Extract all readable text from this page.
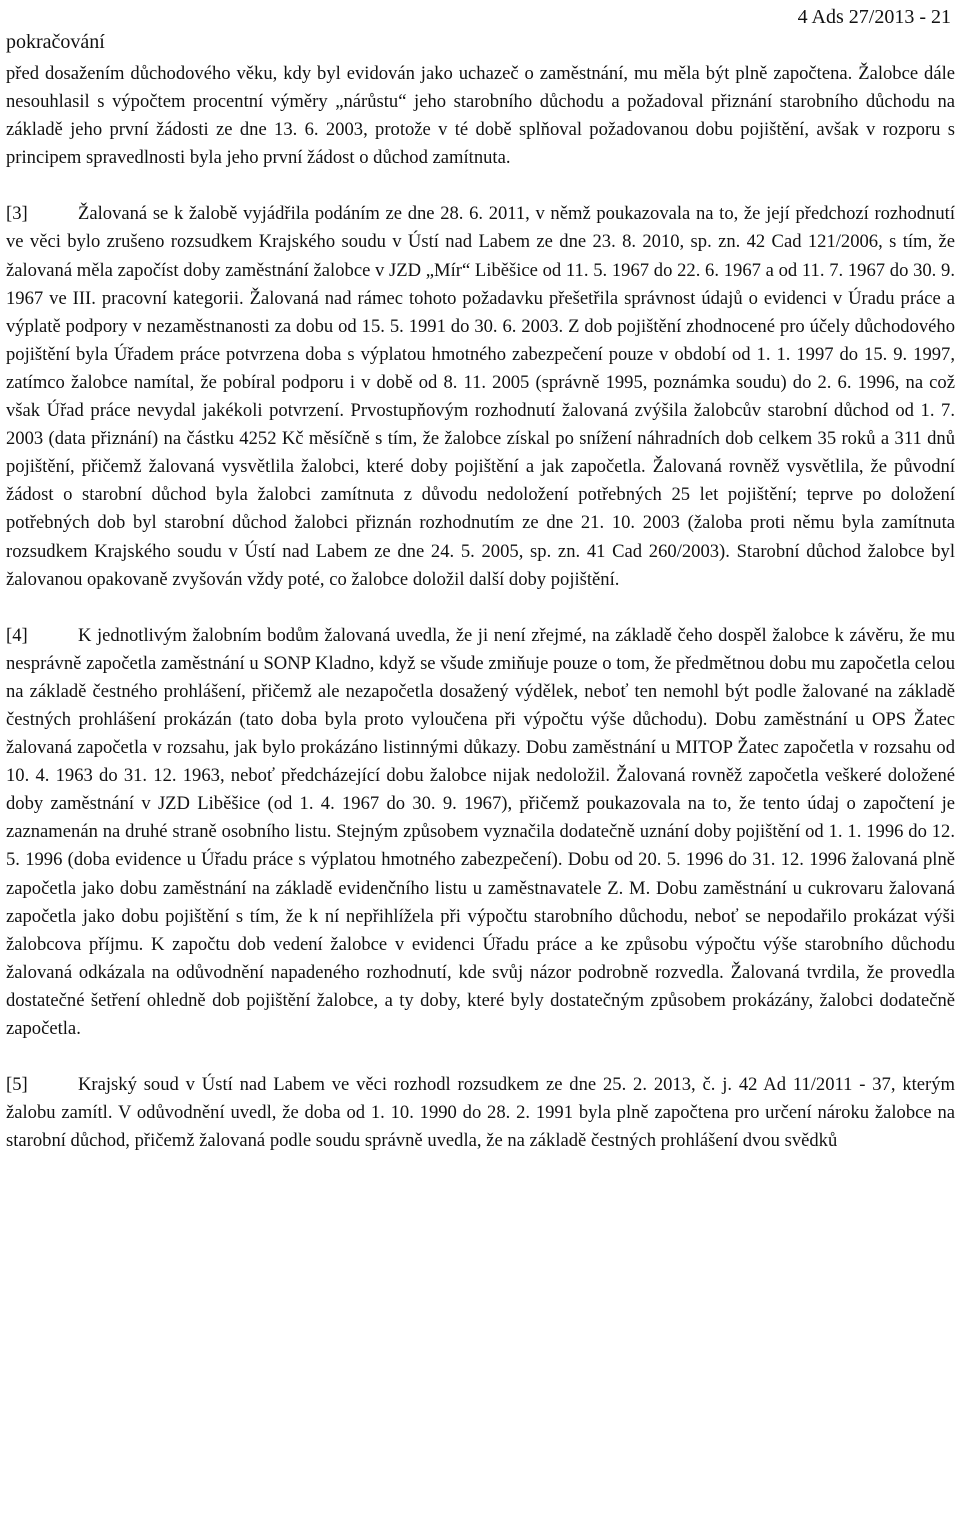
pokračování
4 Ads 27/2013 - 21

před dosažením důchodového věku, kdy byl evidován jako uchazeč o zaměstnání, mu měla být plně započtena. Žalobce dále nesouhlasil s výpočtem procentní výměry „nárůstu“ jeho starobního důchodu a požadoval přiznání starobního důchodu na základě jeho první žádosti ze dne 13. 6. 2003, protože v té době splňoval požadovanou dobu pojištění, avšak v rozporu s principem spravedlnosti byla jeho první žádost o důchod zamítnuta.

[3]	Žalovaná se k žalobě vyjádřila podáním ze dne 28. 6. 2011, v němž poukazovala na to, že její předchozí rozhodnutí ve věci bylo zrušeno rozsudkem Krajského soudu v Ústí nad Labem ze dne 23. 8. 2010, sp. zn. 42 Cad 121/2006, s tím, že žalovaná měla započíst doby zaměstnání žalobce v JZD „Mír“ Liběšice od 11. 5. 1967 do 22. 6. 1967 a od 11. 7. 1967 do 30. 9. 1967 ve III. pracovní kategorii. Žalovaná nad rámec tohoto požadavku přešetřila správnost údajů o evidenci v Úradu práce a výplatě podpory v nezaměstnanosti za dobu od 15. 5. 1991 do 30. 6. 2003. Z dob pojištění zhodnocené pro účely důchodového pojištění byla Úřadem práce potvrzena doba s výplatou hmotného zabezpečení pouze v období od 1. 1. 1997 do 15. 9. 1997, zatímco žalobce namítal, že pobíral podporu i v době od 8. 11. 2005 (správně 1995, poznámka soudu) do 2. 6. 1996, na což však Úřad práce nevydal jakékoli potvrzení. Prvostupňovým rozhodnutí žalovaná zvýšila žalobcův starobní důchod od 1. 7. 2003 (data přiznání) na částku 4252 Kč měsíčně s tím, že žalobce získal po snížení náhradních dob celkem 35 roků a 311 dnů pojištění, přičemž žalovaná vysvětlila žalobci, které doby pojištění a jak započetla. Žalovaná rovněž vysvětlila, že původní žádost o starobní důchod byla žalobci zamítnuta z důvodu nedoložení potřebných 25 let pojištění; teprve po doložení potřebných dob byl starobní důchod žalobci přiznán rozhodnutím ze dne 21. 10. 2003 (žaloba proti němu byla zamítnuta rozsudkem Krajského soudu v Ústí nad Labem ze dne 24. 5. 2005, sp. zn. 41 Cad 260/2003). Starobní důchod žalobce byl žalovanou opakovaně zvyšován vždy poté, co žalobce doložil další doby pojištění.

[4]	K jednotlivým žalobním bodům žalovaná uvedla, že ji není zřejmé, na základě čeho dospěl žalobce k závěru, že mu nesprávně započetla zaměstnání u SONP Kladno, když se všude zmiňuje pouze o tom, že předmětnou dobu mu započetla celou na základě čestného prohlášení, přičemž ale nezapočetla dosažený výdělek, neboť ten nemohl být podle žalované na základě čestných prohlášení prokázán (tato doba byla proto vyloučena při výpočtu výše důchodu). Dobu zaměstnání u OPS Žatec žalovaná započetla v rozsahu, jak bylo prokázáno listinnými důkazy. Dobu zaměstnání u MITOP Žatec započetla v rozsahu od 10. 4. 1963 do 31. 12. 1963, neboť předcházející dobu žalobce nijak nedoložil. Žalovaná rovněž započetla veškeré doložené doby zaměstnání v JZD Liběšice (od 1. 4. 1967 do 30. 9. 1967), přičemž poukazovala na to, že tento údaj o započtení je zaznamenán na druhé straně osobního listu. Stejným způsobem vyznačila dodatečně uznání doby pojištění od 1. 1. 1996 do 12. 5. 1996 (doba evidence u Úřadu práce s výplatou hmotného zabezpečení). Dobu od 20. 5. 1996 do 31. 12. 1996 žalovaná plně započetla jako dobu zaměstnání na základě evidenčního listu u zaměstnavatele Z. M. Dobu zaměstnání u cukrovaru žalovaná započetla jako dobu pojištění s tím, že k ní nepřihlížela při výpočtu starobního důchodu, neboť se nepodařilo prokázat výši žalobcova příjmu. K započtu dob vedení žalobce v evidenci Úřadu práce a ke způsobu výpočtu výše starobního důchodu žalovaná odkázala na odůvodnění napadeného rozhodnutí, kde svůj názor podrobně rozvedla. Žalovaná tvrdila, že provedla dostatečné šetření ohledně dob pojištění žalobce, a ty doby, které byly dostatečným způsobem prokázány, žalobci dodatečně započetla.

[5]	Krajský soud v Ústí nad Labem ve věci rozhodl rozsudkem ze dne 25. 2. 2013, č. j. 42 Ad 11/2011 - 37, kterým žalobu zamítl. V odůvodnění uvedl, že doba od 1. 10. 1990 do 28. 2. 1991 byla plně započtena pro určení nároku žalobce na starobní důchod, přičemž žalovaná podle soudu správně uvedla, že na základě čestných prohlášení dvou svědků
